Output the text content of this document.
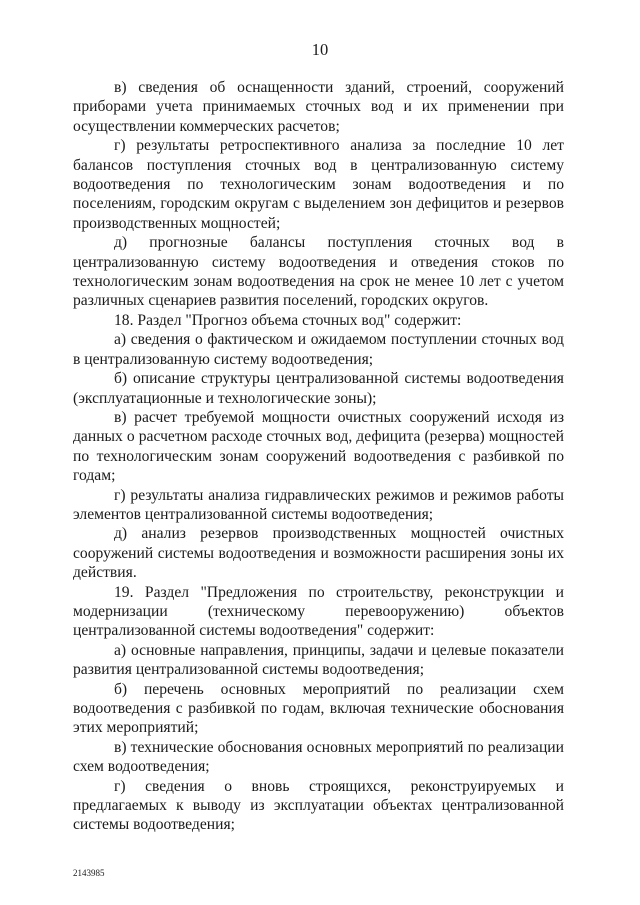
10

в) сведения об оснащенности зданий, строений, сооружений приборами учета принимаемых сточных вод и их применении при осуществлении коммерческих расчетов;

г) результаты ретроспективного анализа за последние 10 лет балансов поступления сточных вод в централизованную систему водоотведения по технологическим зонам водоотведения и по поселениям, городским округам с выделением зон дефицитов и резервов производственных мощностей;

д) прогнозные балансы поступления сточных вод в централизованную систему водоотведения и отведения стоков по технологическим зонам водоотведения на срок не менее 10 лет с учетом различных сценариев развития поселений, городских округов.

18. Раздел "Прогноз объема сточных вод" содержит:

а) сведения о фактическом и ожидаемом поступлении сточных вод в централизованную систему водоотведения;

б) описание структуры централизованной системы водоотведения (эксплуатационные и технологические зоны);

в) расчет требуемой мощности очистных сооружений исходя из данных о расчетном расходе сточных вод, дефицита (резерва) мощностей по технологическим зонам сооружений водоотведения с разбивкой по годам;

г) результаты анализа гидравлических режимов и режимов работы элементов централизованной системы водоотведения;

д) анализ резервов производственных мощностей очистных сооружений системы водоотведения и возможности расширения зоны их действия.

19. Раздел "Предложения по строительству, реконструкции и модернизации (техническому перевооружению) объектов централизованной системы водоотведения" содержит:

а) основные направления, принципы, задачи и целевые показатели развития централизованной системы водоотведения;

б) перечень основных мероприятий по реализации схем водоотведения с разбивкой по годам, включая технические обоснования этих мероприятий;

в) технические обоснования основных мероприятий по реализации схем водоотведения;

г) сведения о вновь строящихся, реконструируемых и предлагаемых к выводу из эксплуатации объектах централизованной системы водоотведения;

2143985
